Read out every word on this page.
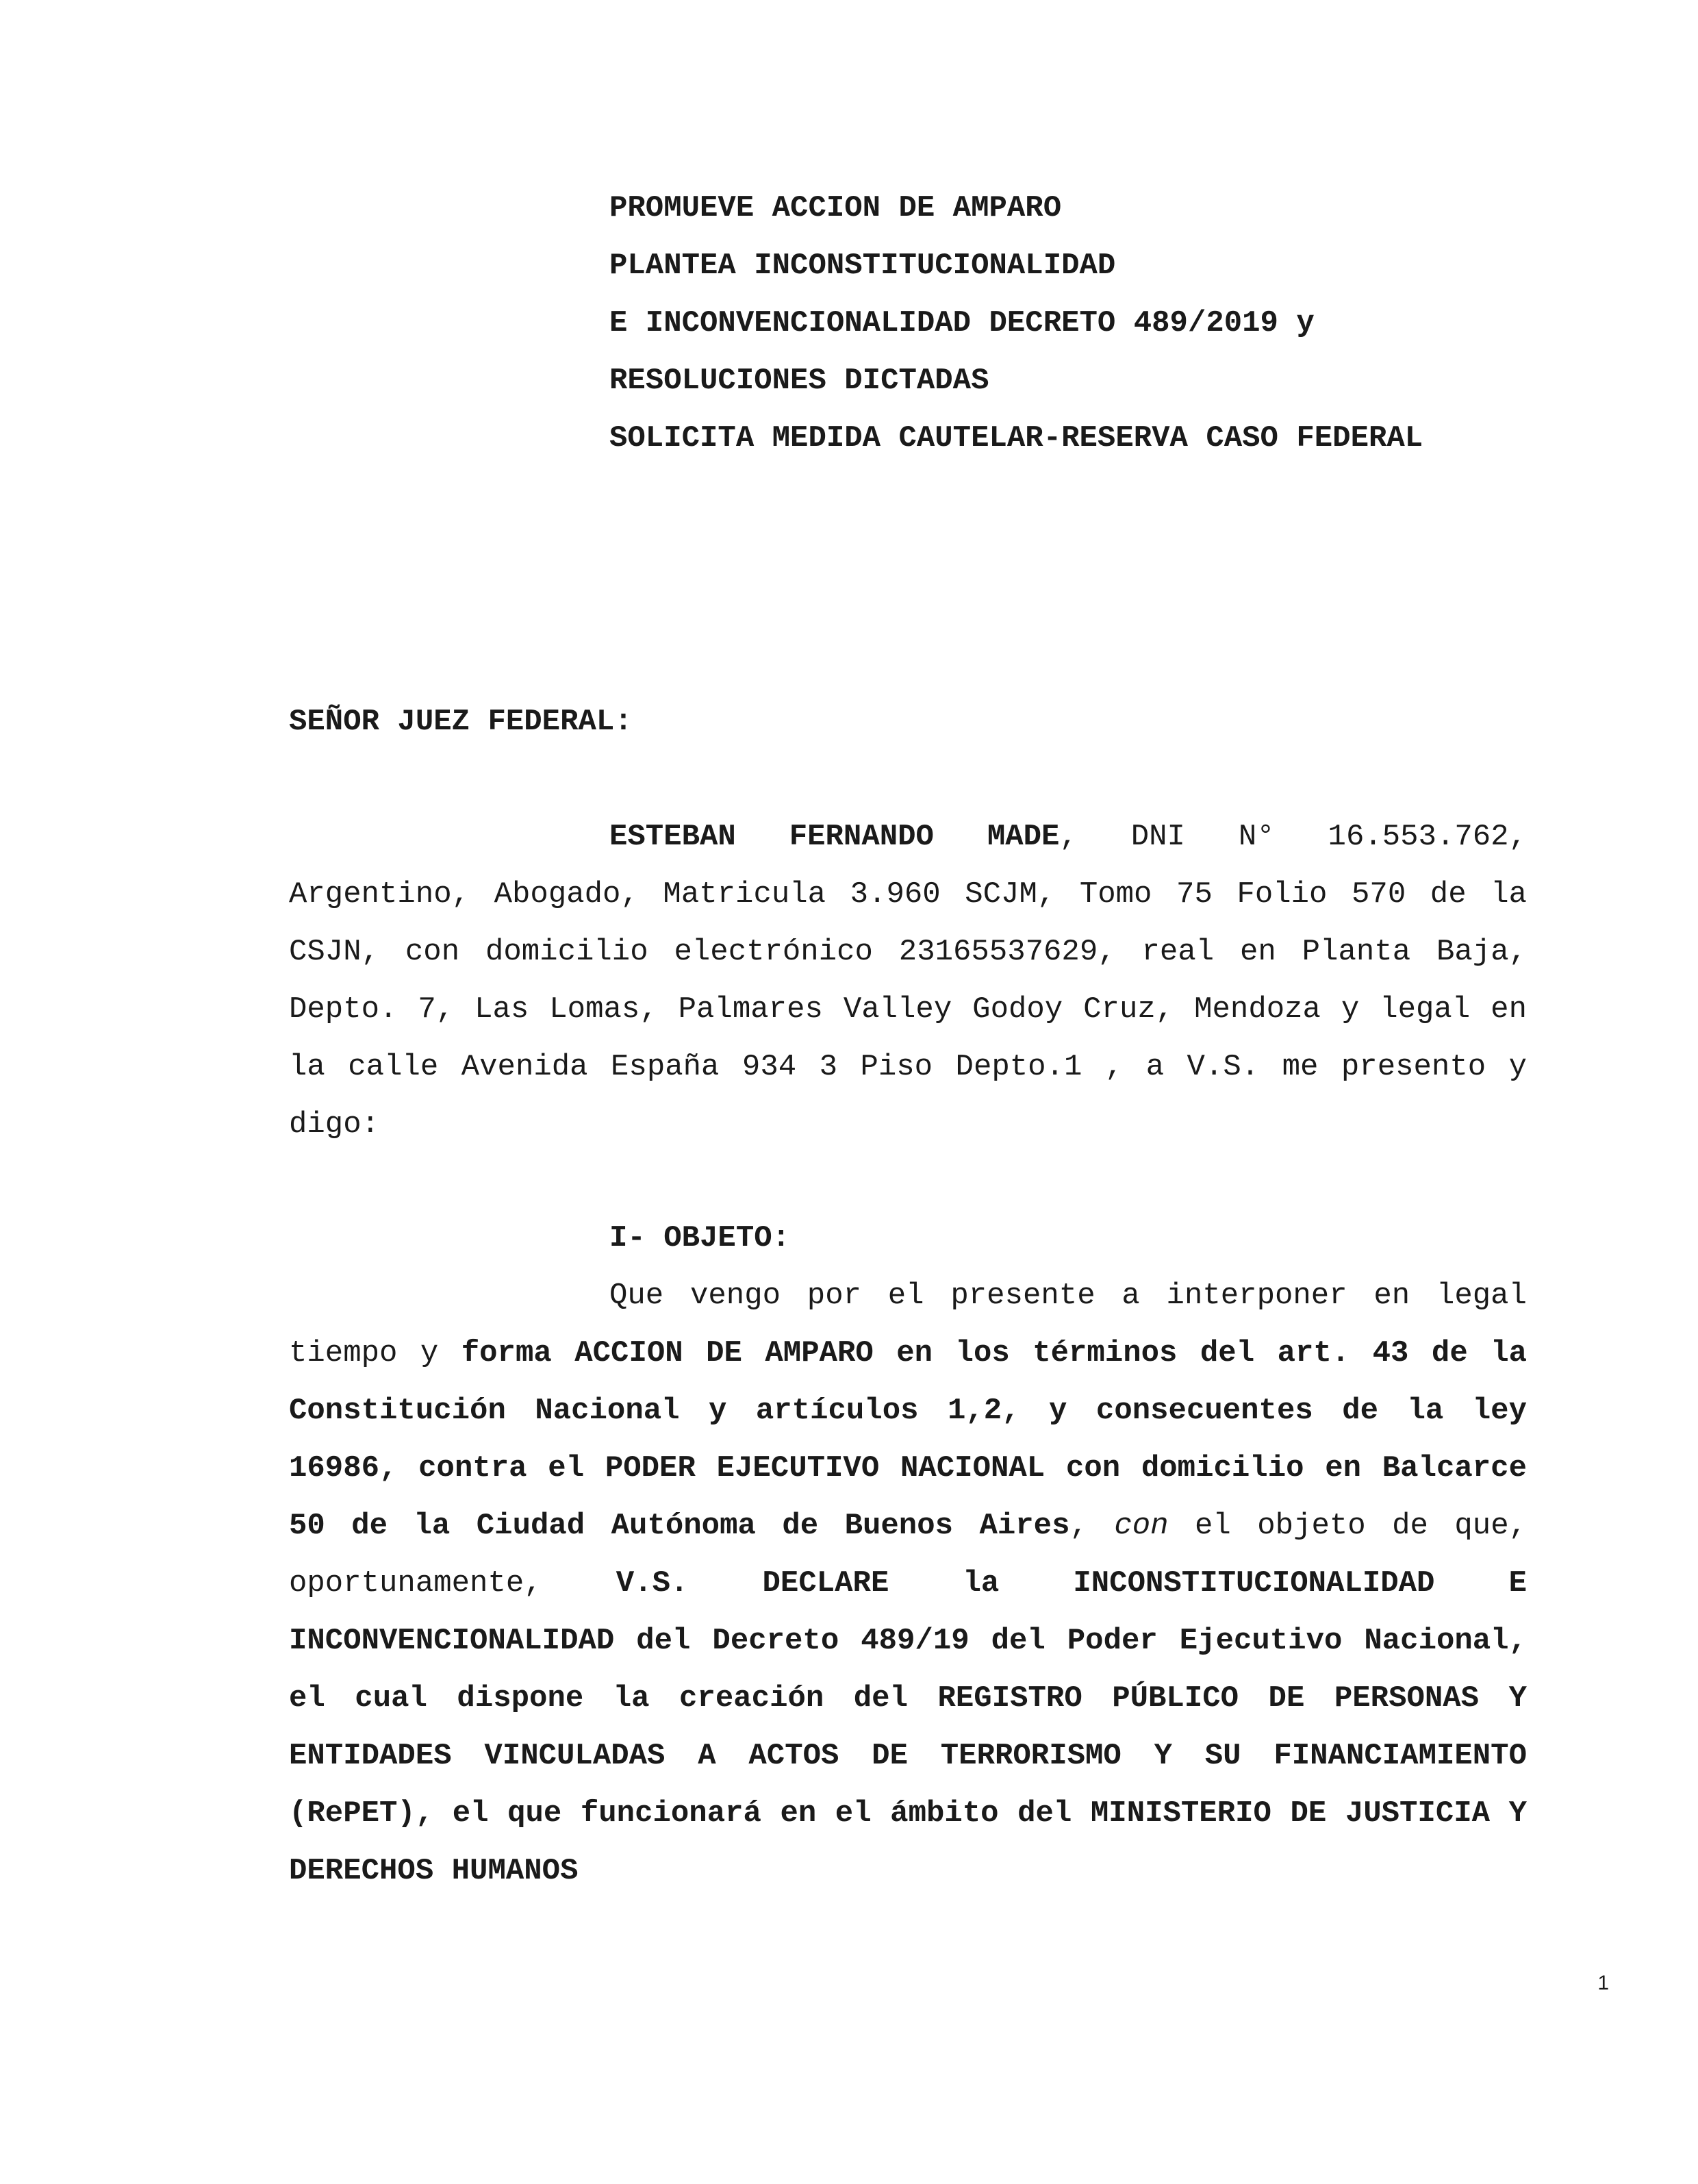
PROMUEVE ACCION DE AMPARO
PLANTEA INCONSTITUCIONALIDAD
E INCONVENCIONALIDAD DECRETO 489/2019 y
RESOLUCIONES DICTADAS
SOLICITA MEDIDA CAUTELAR-RESERVA CASO FEDERAL
SEÑOR JUEZ FEDERAL:
ESTEBAN FERNANDO MADE, DNI N° 16.553.762, Argentino, Abogado, Matricula 3.960 SCJM, Tomo 75 Folio 570 de la CSJN, con domicilio electrónico 23165537629, real en Planta Baja, Depto. 7, Las Lomas, Palmares Valley Godoy Cruz, Mendoza y legal en la calle Avenida España 934 3 Piso Depto.1 , a V.S. me presento y digo:
I- OBJETO:
Que vengo por el presente a interponer en legal tiempo y forma ACCION DE AMPARO en los términos del art. 43 de la Constitución Nacional y artículos 1,2, y consecuentes de la ley 16986, contra el PODER EJECUTIVO NACIONAL con domicilio en Balcarce 50 de la Ciudad Autónoma de Buenos Aires, con el objeto de que, oportunamente, V.S. DECLARE la INCONSTITUCIONALIDAD E INCONVENCIONALIDAD del Decreto 489/19 del Poder Ejecutivo Nacional, el cual dispone la creación del REGISTRO PÚBLICO DE PERSONAS Y ENTIDADES VINCULADAS A ACTOS DE TERRORISMO Y SU FINANCIAMIENTO (RePET), el que funcionará en el ámbito del MINISTERIO DE JUSTICIA Y DERECHOS HUMANOS
1
